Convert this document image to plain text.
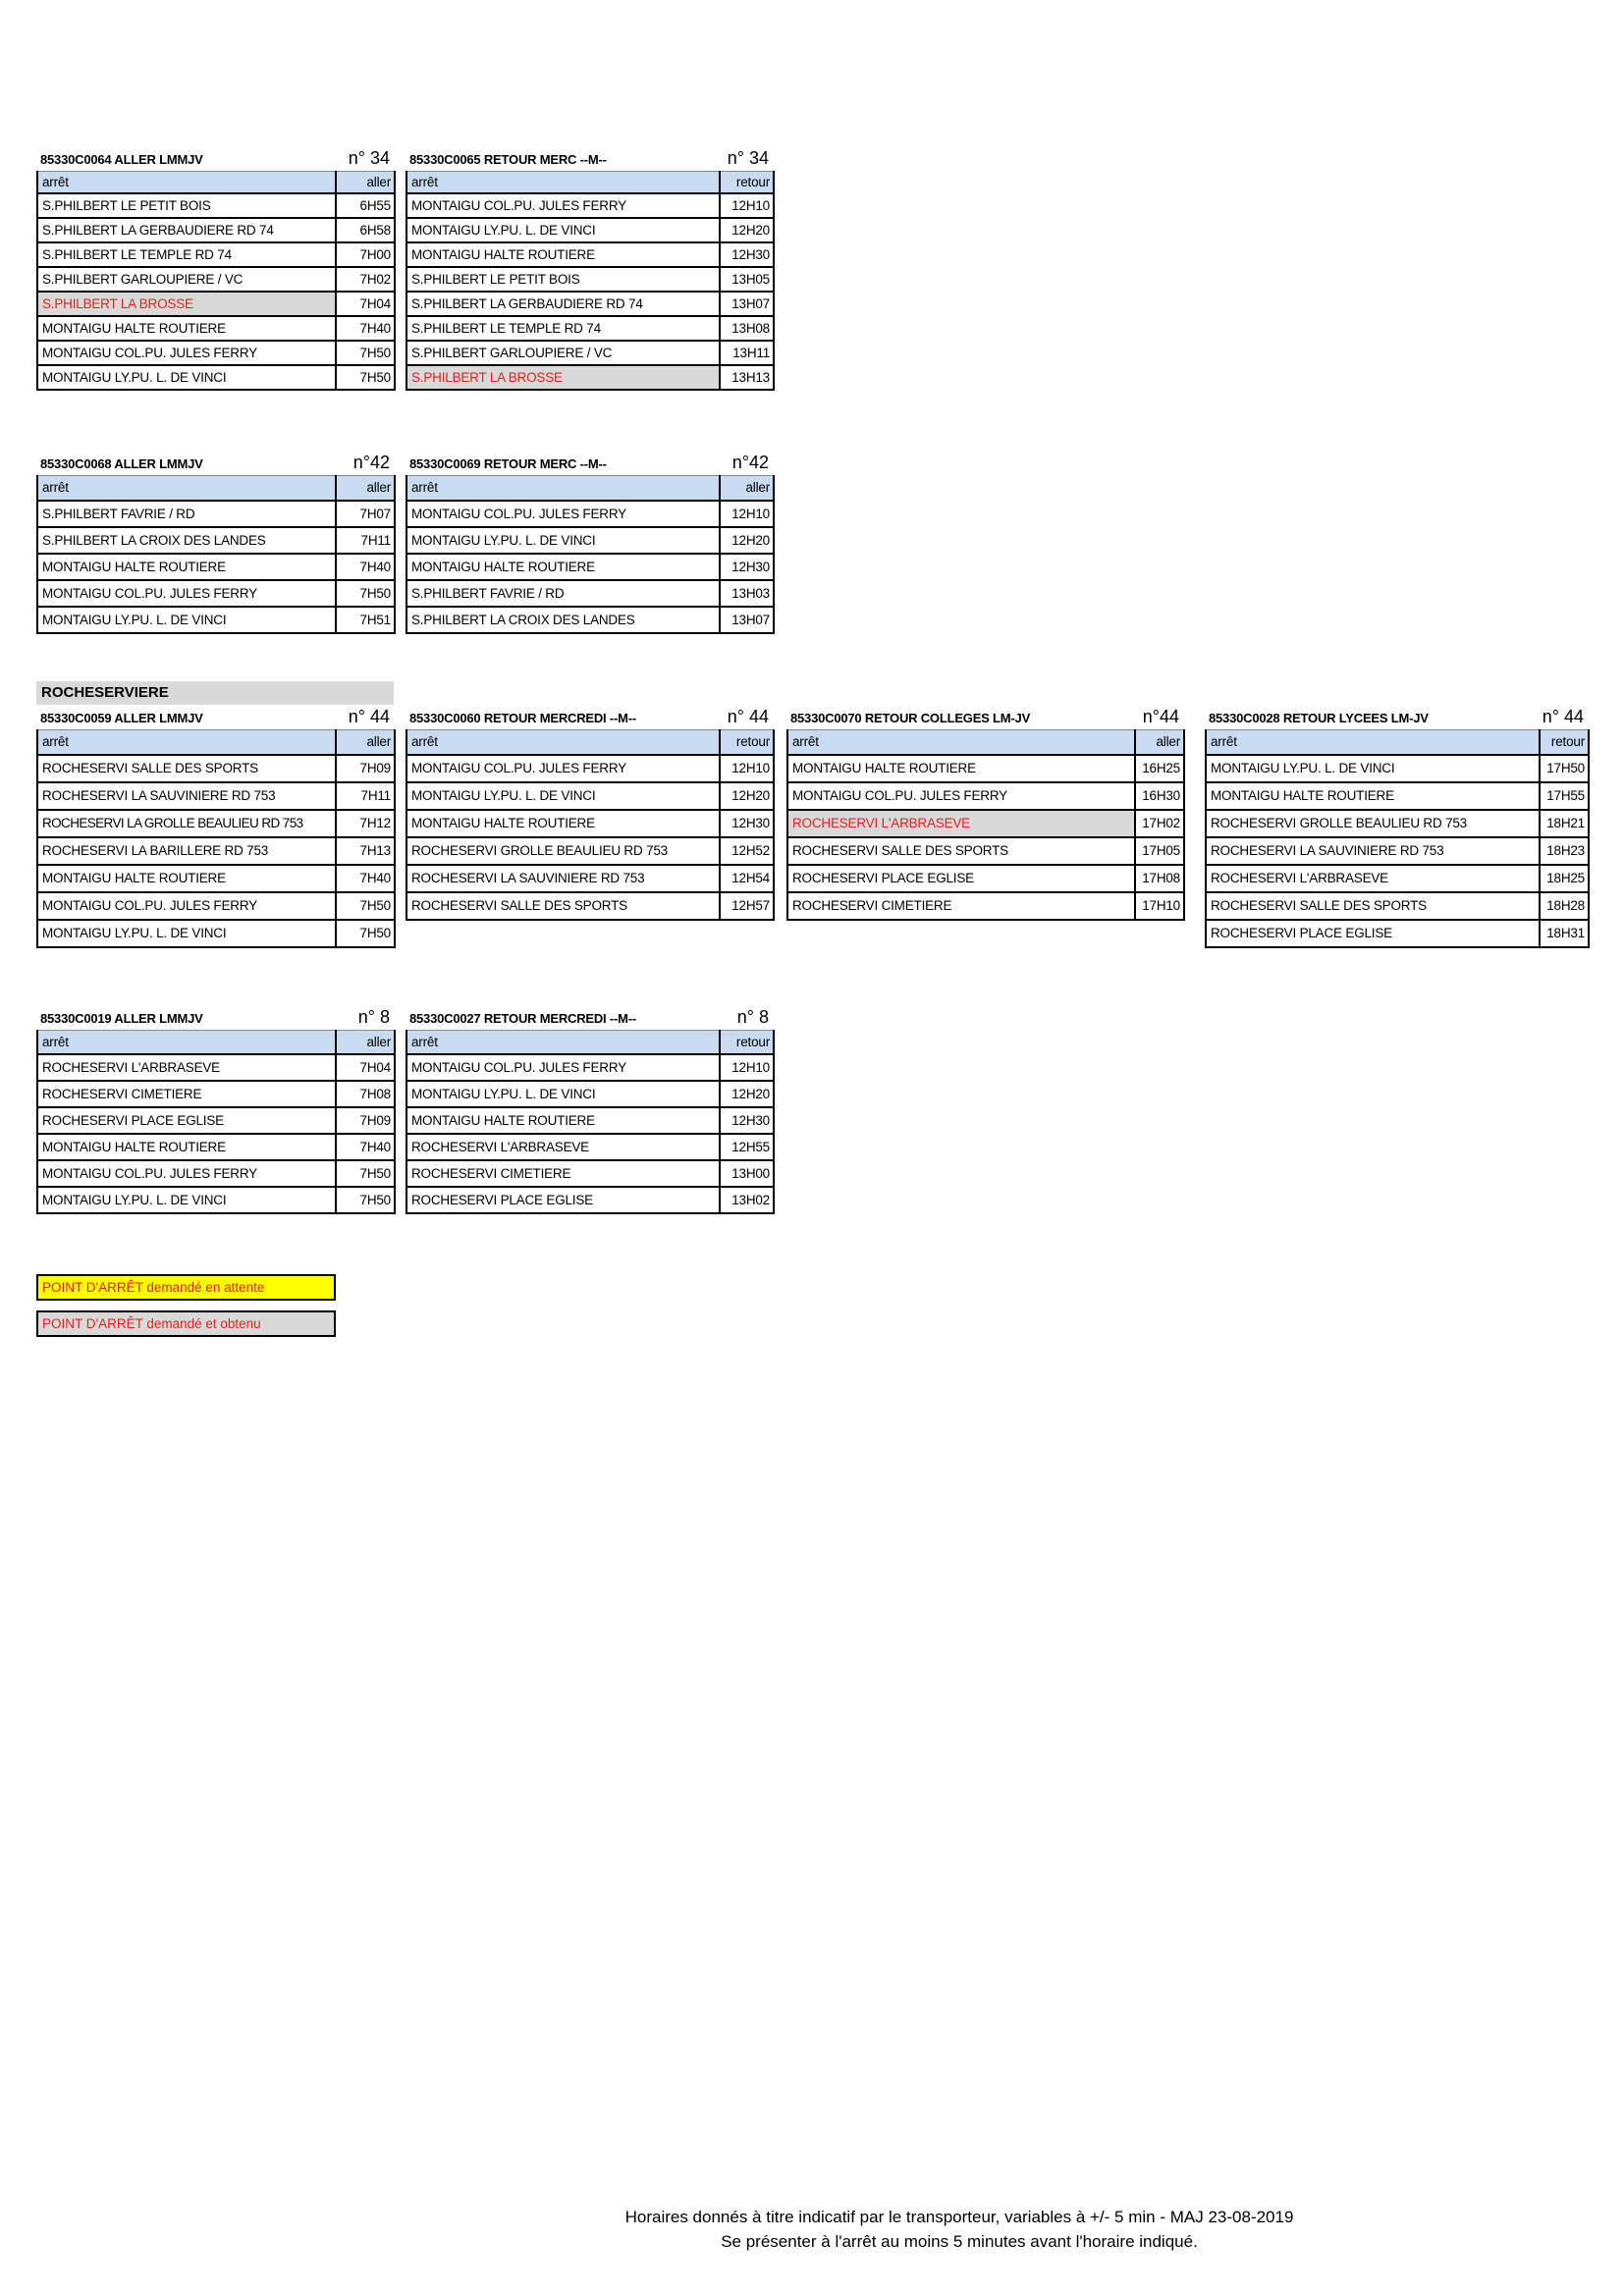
85330C0064 ALLER LMMJV	n° 34
arrêt	aller
S.PHILBERT LE PETIT BOIS	6H55
S.PHILBERT LA GERBAUDIERE RD 74	6H58
S.PHILBERT LE TEMPLE RD 74	7H00
S.PHILBERT GARLOUPIERE / VC	7H02
S.PHILBERT LA BROSSE	7H04
MONTAIGU HALTE ROUTIERE	7H40
MONTAIGU COL.PU. JULES FERRY	7H50
MONTAIGU LY.PU. L. DE VINCI	7H50
85330C0065 RETOUR MERC --M--	n° 34
arrêt	retour
MONTAIGU COL.PU. JULES FERRY	12H10
MONTAIGU LY.PU. L. DE VINCI	12H20
MONTAIGU HALTE ROUTIERE	12H30
S.PHILBERT LE PETIT BOIS	13H05
S.PHILBERT LA GERBAUDIERE RD 74	13H07
S.PHILBERT LE TEMPLE RD 74	13H08
S.PHILBERT GARLOUPIERE / VC	13H11
S.PHILBERT LA BROSSE	13H13
85330C0068 ALLER LMMJV	n°42
arrêt	aller
S.PHILBERT FAVRIE / RD	7H07
S.PHILBERT LA CROIX DES LANDES	7H11
MONTAIGU HALTE ROUTIERE	7H40
MONTAIGU COL.PU. JULES FERRY	7H50
MONTAIGU LY.PU. L. DE VINCI	7H51
85330C0069 RETOUR MERC --M--	n°42
arrêt	aller
MONTAIGU COL.PU. JULES FERRY	12H10
MONTAIGU LY.PU. L. DE VINCI	12H20
MONTAIGU HALTE ROUTIERE	12H30
S.PHILBERT FAVRIE / RD	13H03
S.PHILBERT LA CROIX DES LANDES	13H07
ROCHESERVIERE
85330C0059 ALLER LMMJV	n° 44
arrêt	aller
ROCHESERVI SALLE DES SPORTS	7H09
ROCHESERVI LA SAUVINIERE RD 753	7H11
ROCHESERVI LA GROLLE BEAULIEU RD 753	7H12
ROCHESERVI LA BARILLERE RD 753	7H13
MONTAIGU HALTE ROUTIERE	7H40
MONTAIGU COL.PU. JULES FERRY	7H50
MONTAIGU LY.PU. L. DE VINCI	7H50
85330C0060 RETOUR MERCREDI --M--	n° 44
arrêt	retour
MONTAIGU COL.PU. JULES FERRY	12H10
MONTAIGU LY.PU. L. DE VINCI	12H20
MONTAIGU HALTE ROUTIERE	12H30
ROCHESERVI GROLLE BEAULIEU RD 753	12H52
ROCHESERVI LA SAUVINIERE RD 753	12H54
ROCHESERVI SALLE DES SPORTS	12H57
85330C0070 RETOUR COLLEGES LM-JV	n°44
arrêt	aller
MONTAIGU HALTE ROUTIERE	16H25
MONTAIGU COL.PU. JULES FERRY	16H30
ROCHESERVI L'ARBRASEVE	17H02
ROCHESERVI SALLE DES SPORTS	17H05
ROCHESERVI PLACE EGLISE	17H08
ROCHESERVI CIMETIERE	17H10
85330C0028 RETOUR LYCEES LM-JV	n° 44
arrêt	retour
MONTAIGU LY.PU. L. DE VINCI	17H50
MONTAIGU HALTE ROUTIERE	17H55
ROCHESERVI GROLLE BEAULIEU RD 753	18H21
ROCHESERVI LA SAUVINIERE RD 753	18H23
ROCHESERVI L'ARBRASEVE	18H25
ROCHESERVI SALLE DES SPORTS	18H28
ROCHESERVI PLACE EGLISE	18H31
85330C0019 ALLER LMMJV	n° 8
arrêt	aller
ROCHESERVI L'ARBRASEVE	7H04
ROCHESERVI CIMETIERE	7H08
ROCHESERVI PLACE EGLISE	7H09
MONTAIGU HALTE ROUTIERE	7H40
MONTAIGU COL.PU. JULES FERRY	7H50
MONTAIGU LY.PU. L. DE VINCI	7H50
85330C0027 RETOUR MERCREDI --M--	n° 8
arrêt	retour
MONTAIGU COL.PU. JULES FERRY	12H10
MONTAIGU LY.PU. L. DE VINCI	12H20
MONTAIGU HALTE ROUTIERE	12H30
ROCHESERVI L'ARBRASEVE	12H55
ROCHESERVI CIMETIERE	13H00
ROCHESERVI PLACE EGLISE	13H02
POINT D'ARRÊT demandé en attente
POINT D'ARRÊT demandé et obtenu
Horaires donnés à titre indicatif par le transporteur, variables à +/- 5 min - MAJ 23-08-2019
Se présenter à l'arrêt au moins 5 minutes avant l'horaire indiqué.
